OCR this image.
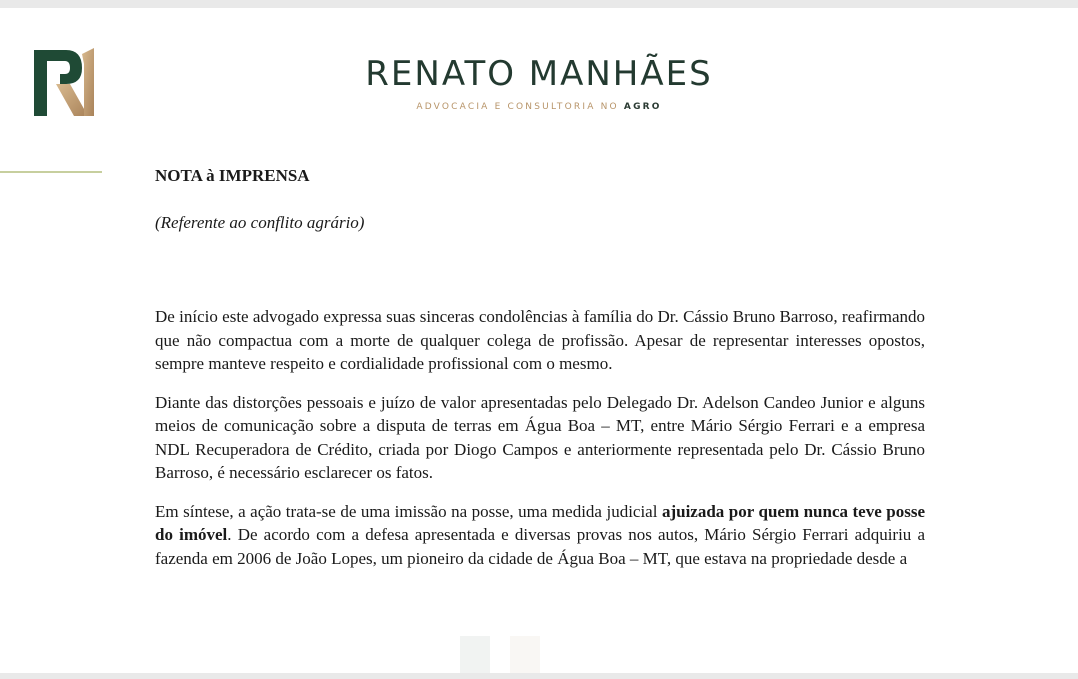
RENATO MANHÃES
ADVOCACIA E CONSULTORIA NO AGRO

NOTA à IMPRENSA

(Referente ao conflito agrário)

De início este advogado expressa suas sinceras condolências à família do Dr. Cássio Bruno Barroso, reafirmando que não compactua com a morte de qualquer colega de profissão. Apesar de representar interesses opostos, sempre manteve respeito e cordialidade profissional com o mesmo.

Diante das distorções pessoais e juízo de valor apresentadas pelo Delegado Dr. Adelson Candeo Junior e alguns meios de comunicação sobre a disputa de terras em Água Boa – MT, entre Mário Sérgio Ferrari e a empresa NDL Recuperadora de Crédito, criada por Diogo Campos e anteriormente representada pelo Dr. Cássio Bruno Barroso, é necessário esclarecer os fatos.

Em síntese, a ação trata-se de uma imissão na posse, uma medida judicial ajuizada por quem nunca teve posse do imóvel. De acordo com a defesa apresentada e diversas provas nos autos, Mário Sérgio Ferrari adquiriu a fazenda em 2006 de João Lopes, um pioneiro da cidade de Água Boa – MT, que estava na propriedade desde a
